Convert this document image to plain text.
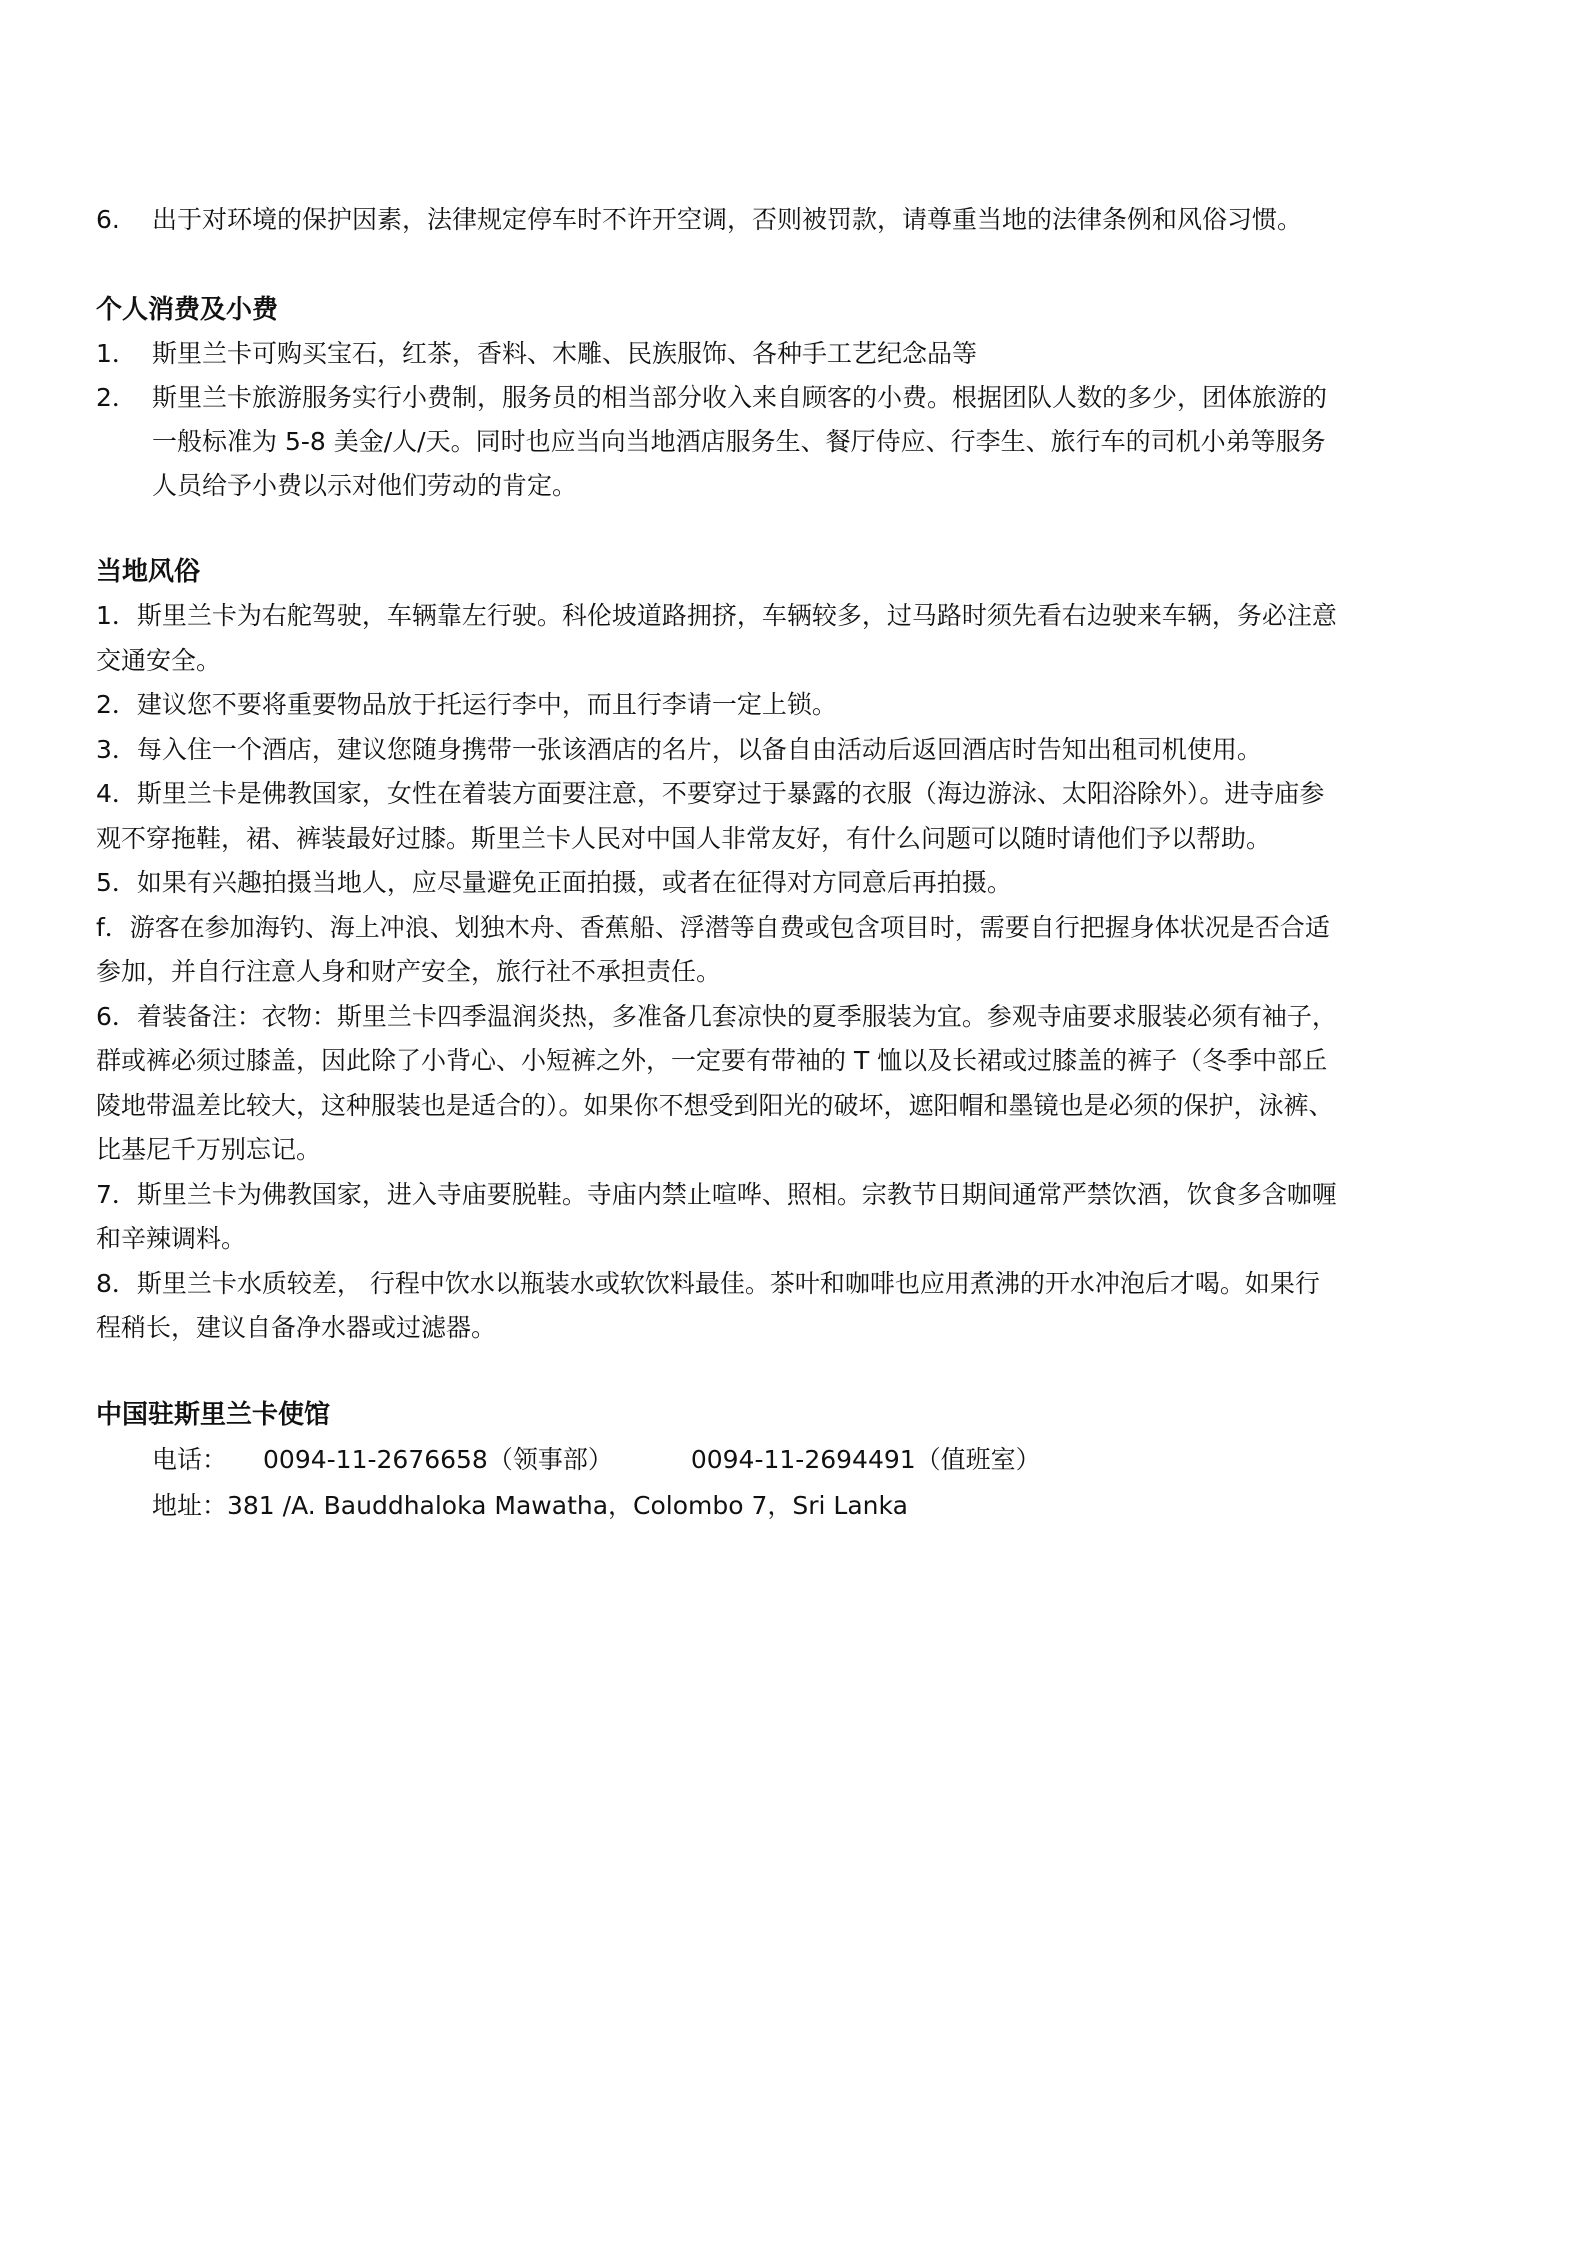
6.	出于对环境的保护因素，法律规定停车时不许开空调，否则被罚款，请尊重当地的法律条例和风俗习惯。
个人消费及小费
1． 斯里兰卡可购买宝石，红茶，香料、木雕、民族服饰、各种手工艺纪念品等
2． 斯里兰卡旅游服务实行小费制，服务员的相当部分收入来自顾客的小费。根据团队人数的多少，团体旅游的
一般标准为 5-8 美金/人/天。同时也应当向当地酒店服务生、餐厅侍应、行李生、旅行车的司机小弟等服务
人员给予小费以示对他们劳动的肯定。
当地风俗
1．斯里兰卡为右舵驾驶，车辆靠左行驶。科伦坡道路拥挤，车辆较多，过马路时须先看右边驶来车辆，务必注意
交通安全。
2．建议您不要将重要物品放于托运行李中，而且行李请一定上锁。
3．每入住一个酒店，建议您随身携带一张该酒店的名片，以备自由活动后返回酒店时告知出租司机使用。
4．斯里兰卡是佛教国家，女性在着装方面要注意，不要穿过于暴露的衣服（海边游泳、太阳浴除外）。进寺庙参
观不穿拖鞋，裙、裤装最好过膝。斯里兰卡人民对中国人非常友好，有什么问题可以随时请他们予以帮助。
5．如果有兴趣拍摄当地人，应尽量避免正面拍摄，或者在征得对方同意后再拍摄。
f．游客在参加海钓、海上冲浪、划独木舟、香蕉船、浮潜等自费或包含项目时，需要自行把握身体状况是否合适
参加，并自行注意人身和财产安全，旅行社不承担责任。
6．着装备注：衣物：斯里兰卡四季温润炎热，多准备几套凉快的夏季服装为宜。参观寺庙要求服装必须有袖子，
群或裤必须过膝盖，因此除了小背心、小短裤之外，一定要有带袖的 T 恤以及长裙或过膝盖的裤子（冬季中部丘
陵地带温差比较大，这种服装也是适合的）。如果你不想受到阳光的破坏，遮阳帽和墨镜也是必须的保护，泳裤、
比基尼千万别忘记。
7．斯里兰卡为佛教国家，进入寺庙要脱鞋。寺庙内禁止喧哗、照相。宗教节日期间通常严禁饮酒，饮食多含咖喱
和辛辣调料。
8．斯里兰卡水质较差， 行程中饮水以瓶装水或软饮料最佳。茶叶和咖啡也应用煮沸的开水冲泡后才喝。如果行
程稍长，建议自备净水器或过滤器。
中国驻斯里兰卡使馆
电话： 0094-11-2676658（领事部）	0094-11-2694491（值班室）
地址：381 /A. Bauddhaloka Mawatha，Colombo 7，Sri Lanka
